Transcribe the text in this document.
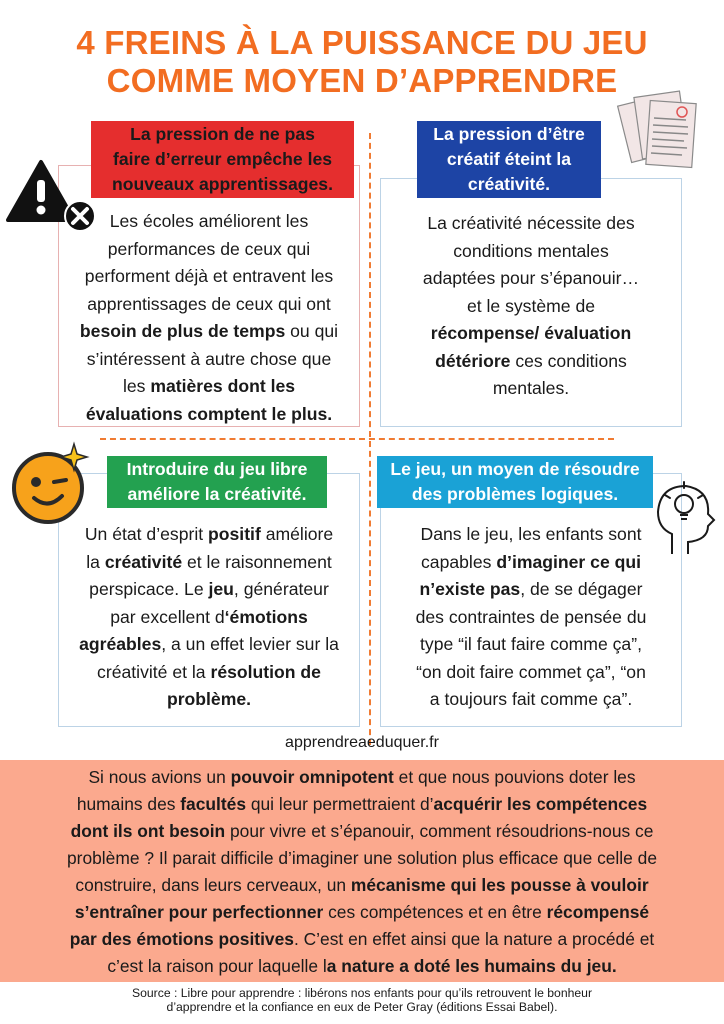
4 FREINS À LA PUISSANCE DU JEU
COMME MOYEN D’APPRENDRE
La pression de ne pas
faire d’erreur empêche les
nouveaux apprentissages.
Les écoles améliorent les
performances de ceux qui
performent déjà et entravent les
apprentissages de ceux qui ont
besoin de plus de temps ou qui
s’intéressent à autre chose que
les matières dont les
évaluations comptent le plus.
La pression d’être
créatif éteint la
créativité.
La créativité nécessite des
conditions mentales
adaptées pour s’épanouir…
et le système de
récompense/ évaluation
détériore ces conditions
mentales.
Introduire du jeu libre
améliore la créativité.
Un état d’esprit positif améliore
la créativité et le raisonnement
perspicace. Le jeu, générateur
par excellent d‘émotions
agréables, a un effet levier sur la
créativité et la résolution de
problème.
Le jeu, un moyen de résoudre
des problèmes logiques.
Dans le jeu, les enfants sont
capables d’imaginer ce qui
n’existe pas, de se dégager
des contraintes de pensée du
type “il faut faire comme ça”,
“on doit faire commet ça”, “on
a toujours fait comme ça”.
apprendreaeduquer.fr
Si nous avions un pouvoir omnipotent et que nous pouvions doter les
humains des facultés qui leur permettraient d’acquérir les compétences
dont ils ont besoin pour vivre et s’épanouir, comment résoudrions-nous ce
problème ? Il parait difficile d’imaginer une solution plus efficace que celle de
construire, dans leurs cerveaux, un mécanisme qui les pousse à vouloir
s’entraîner pour perfectionner ces compétences et en être récompensé
par des émotions positives. C’est en effet ainsi que la nature a procédé et
c’est la raison pour laquelle la nature a doté les humains du jeu.
Source : Libre pour apprendre : libérons nos enfants pour qu’ils retrouvent le bonheur
d’apprendre et la confiance en eux de Peter Gray (éditions Essai Babel).
